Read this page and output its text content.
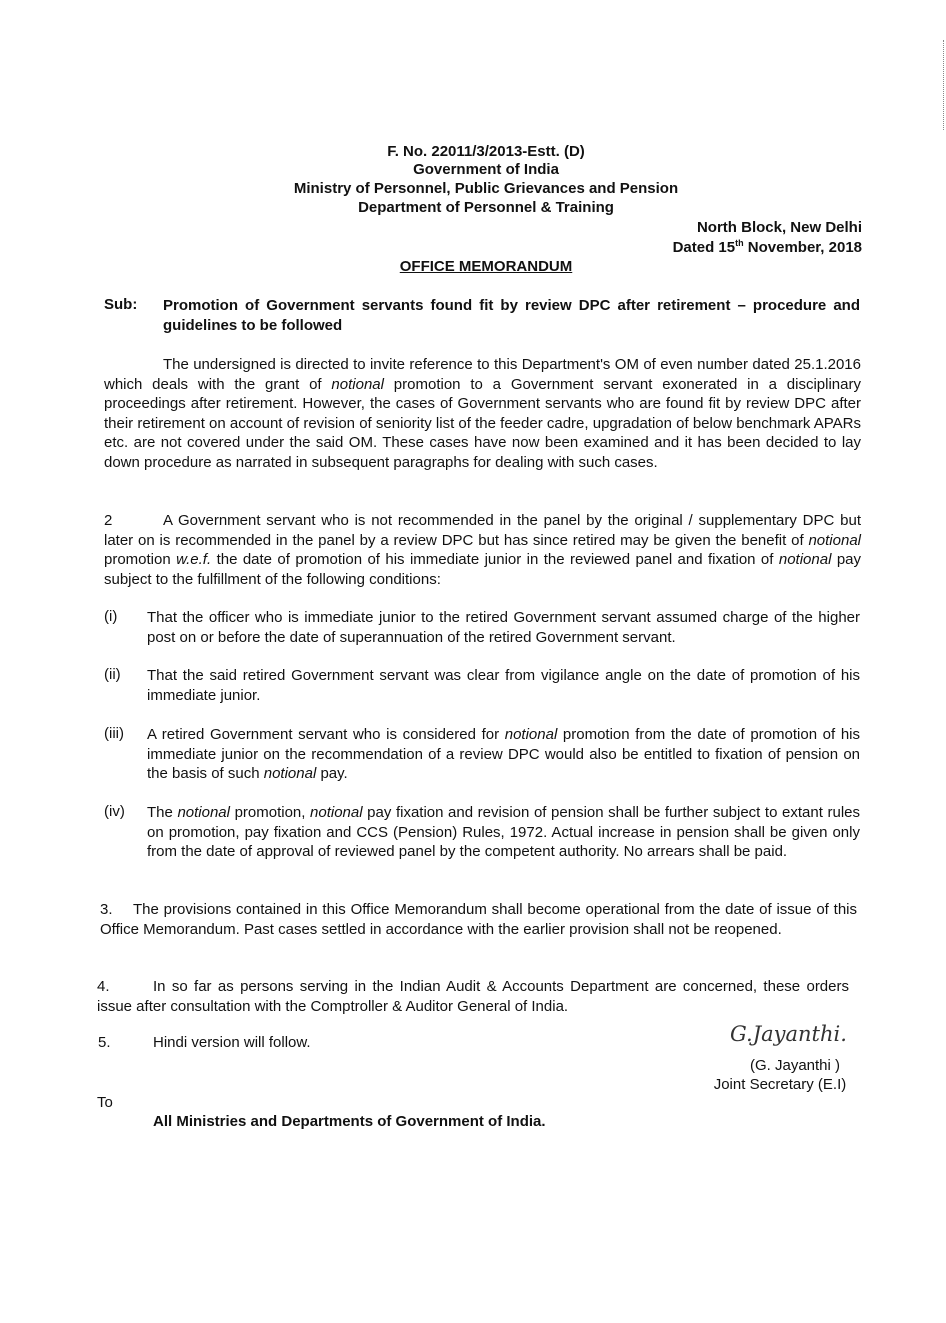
F. No. 22011/3/2013-Estt. (D)
Government of India
Ministry of Personnel, Public Grievances and Pension
Department of Personnel & Training
North Block, New Delhi
Dated 15th November, 2018
OFFICE MEMORANDUM
Sub: Promotion of Government servants found fit by review DPC after retirement – procedure and guidelines to be followed
The undersigned is directed to invite reference to this Department's OM of even number dated 25.1.2016 which deals with the grant of notional promotion to a Government servant exonerated in a disciplinary proceedings after retirement. However, the cases of Government servants who are found fit by review DPC after their retirement on account of revision of seniority list of the feeder cadre, upgradation of below benchmark APARs etc. are not covered under the said OM. These cases have now been examined and it has been decided to lay down procedure as narrated in subsequent paragraphs for dealing with such cases.
2	A Government servant who is not recommended in the panel by the original / supplementary DPC but later on is recommended in the panel by a review DPC but has since retired may be given the benefit of notional promotion w.e.f. the date of promotion of his immediate junior in the reviewed panel and fixation of notional pay subject to the fulfillment of the following conditions:
(i) That the officer who is immediate junior to the retired Government servant assumed charge of the higher post on or before the date of superannuation of the retired Government servant.
(ii) That the said retired Government servant was clear from vigilance angle on the date of promotion of his immediate junior.
(iii) A retired Government servant who is considered for notional promotion from the date of promotion of his immediate junior on the recommendation of a review DPC would also be entitled to fixation of pension on the basis of such notional pay.
(iv) The notional promotion, notional pay fixation and revision of pension shall be further subject to extant rules on promotion, pay fixation and CCS (Pension) Rules, 1972. Actual increase in pension shall be given only from the date of approval of reviewed panel by the competent authority. No arrears shall be paid.
3. The provisions contained in this Office Memorandum shall become operational from the date of issue of this Office Memorandum. Past cases settled in accordance with the earlier provision shall not be reopened.
4.	In so far as persons serving in the Indian Audit & Accounts Department are concerned, these orders issue after consultation with the Comptroller & Auditor General of India.
5.	Hindi version will follow.	G.Jayanthi.
(G. Jayanthi )
Joint Secretary (E.I)
To
All Ministries and Departments of Government of India.
